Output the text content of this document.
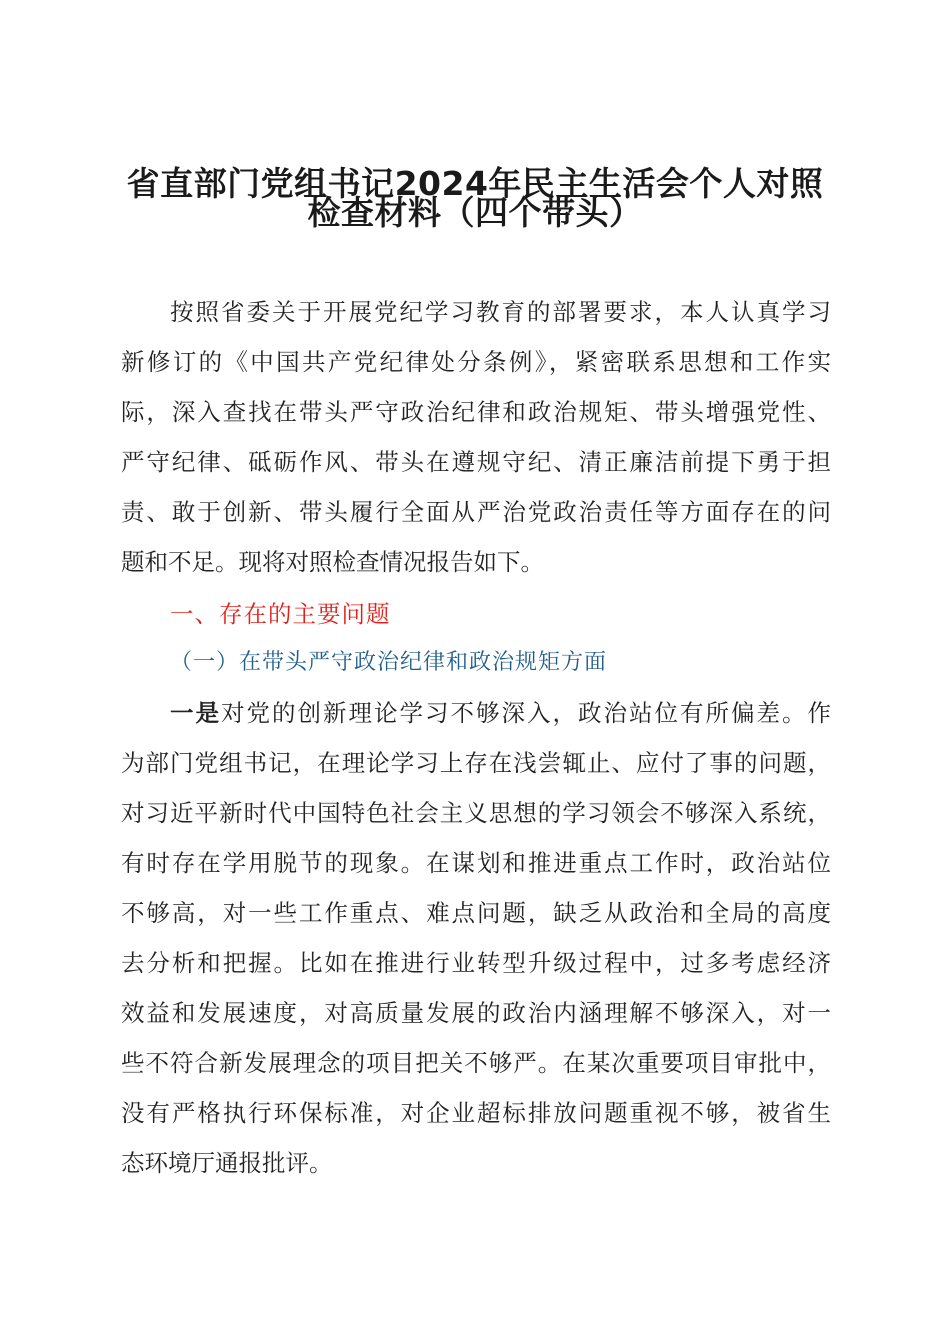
省直部门党组书记2024年民主生活会个人对照
检查材料（四个带头）
按照省委关于开展党纪学习教育的部署要求，本人认真学习
新修订的《中国共产党纪律处分条例》，紧密联系思想和工作实
际，深入查找在带头严守政治纪律和政治规矩、带头增强党性、
严守纪律、砥砺作风、带头在遵规守纪、清正廉洁前提下勇于担
责、敢于创新、带头履行全面从严治党政治责任等方面存在的问
题和不足。现将对照检查情况报告如下。
一、存在的主要问题
（一）在带头严守政治纪律和政治规矩方面
一是对党的创新理论学习不够深入，政治站位有所偏差。作
为部门党组书记，在理论学习上存在浅尝辄止、应付了事的问题，
对习近平新时代中国特色社会主义思想的学习领会不够深入系统，
有时存在学用脱节的现象。在谋划和推进重点工作时，政治站位
不够高，对一些工作重点、难点问题，缺乏从政治和全局的高度
去分析和把握。比如在推进行业转型升级过程中，过多考虑经济
效益和发展速度，对高质量发展的政治内涵理解不够深入，对一
些不符合新发展理念的项目把关不够严。在某次重要项目审批中，
没有严格执行环保标准，对企业超标排放问题重视不够，被省生
态环境厅通报批评。
